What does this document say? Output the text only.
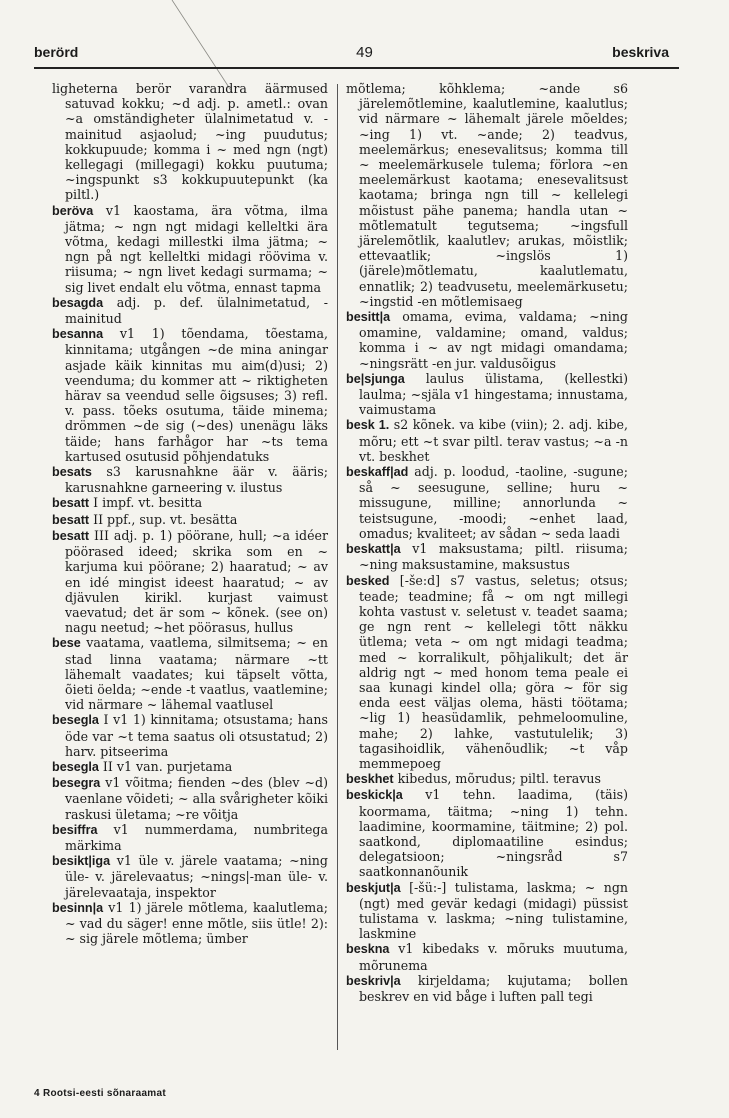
berörd	49	beskriva
ligheterna berör varandra äärmused satuvad kokku; ~d adj. p. ametl.: ovan ~a omständigheter ülalnimetatud v. -mainitud asjaolud; ~ing puudutus; kokkupuude; komma i ~ med ngn (ngt) kellegagi (millegagi) kokku puutuma; ~ingspunkt s3 kokkupuutepunkt (ka piltl.)
beröva v1 kaostama, ära võtma, ilma jätma; ~ ngn ngt midagi kelleltki ära võtma, kedagi millestki ilma jätma; ~ ngn på ngt kelleltki midagi röövima v. riisuma; ~ ngn livet kedagi surmama; ~ sig livet endalt elu võtma, ennast tapma
besagda adj. p. def. ülalnimetatud, -mainitud
besanna v1 1) tõendama, tõestama, kinnitama; utgången ~de mina aningar asjade käik kinnitas mu aim(d)usi; 2) veenduma; du kommer att ~ riktigheten härav sa veendud selle õigsuses; 3) refl. v. pass. tõeks osutuma, täide minema; drömmen ~de sig (~des) unenägu läks täide; hans farhågor har ~ts tema kartused osutusid põhjendatuks
besats s3 karusnahkne äär v. ääris; karusnahkne garneering v. ilustus
besatt I impf. vt. besitta
besatt II ppf., sup. vt. besätta
besatt III adj. p. 1) pöörane, hull; ~a idéer pöörased ideed; skrika som en ~ karjuma kui pöörane; 2) haaratud; ~ av en idé mingist ideest haaratud; ~ av djävulen kirikl. kurjast vaimust vaevatud; det är som ~ kõnek. (see on) nagu neetud; ~het pöörasus, hullus
bese vaatama, vaatlema, silmitsema; ~ en stad linna vaatama; närmare ~tt lähemalt vaadates; kui täpselt võtta, õieti öelda; ~ende -t vaatlus, vaatlemine; vid närmare ~ lähemal vaatlusel
besegla I v1 1) kinnitama; otsustama; hans öde var ~t tema saatus oli otsustatud; 2) harv. pitseerima
besegla II v1 van. purjetama
besegra v1 võitma; fienden ~des (blev ~d) vaenlane võideti; ~ alla svårigheter kõiki raskusi ületama; ~re võitja
besiffra v1 nummerdama, numbritega märkima
besikt|iga v1 üle v. järele vaatama; ~ning üle- v. järelevaatus; ~nings|-man üle- v. järelevaataja, inspektor
besinn|a v1 1) järele mõtlema, kaalutlema; ~ vad du säger! enne mõtle, siis ütle! 2): ~ sig järele mõtlema; ümber
mõtlema; kõhklema; ~ande s6 järelemõtlemine, kaalutlemine, kaalutlus; vid närmare ~ lähemalt järele mõeldes; ~ing 1) vt. ~ande; 2) teadvus, meelemärkus; enesevalitsus; komma till ~ meelemärkusele tulema; förlora ~en meelemärkust kaotama; enesevalitsust kaotama; bringa ngn till ~ kellelegi mõistust pähe panema; handla utan ~ mõtlematult tegutsema; ~ingsfull järelemõtlik, kaalutlev; arukas, mõistlik; ettevaatlik; ~ingslös 1) (järele)mõtlematu, kaalutlematu, ennatlik; 2) teadvusetu, meelemärkusetu; ~ingstid -en mõtlemisaeg
besitt|a omama, evima, valdama; ~ning omamine, valdamine; omand, valdus; komma i ~ av ngt midagi omandama; ~ningsrätt -en jur. valdusõigus
be|sjunga laulus ülistama, (kellestki) laulma; ~själa v1 hingestama; innustama, vaimustama
besk 1. s2 kõnek. va kibe (viin); 2. adj. kibe, mõru; ett ~t svar piltl. terav vastus; ~a -n vt. beskhet
beskaff|ad adj. p. loodud, -taoline, -sugune; så ~ seesugune, selline; huru ~ missugune, milline; annorlunda ~ teistsugune, -moodi; ~enhet laad, omadus; kvaliteet; av sådan ~ seda laadi
beskatt|a v1 maksustama; piltl. riisuma; ~ning maksustamine, maksustus
besked [-še:d] s7 vastus, seletus; otsus; teade; teadmine; få ~ om ngt millegi kohta vastust v. seletust v. teadet saama; ge ngn rent ~ kellelegi tõtt näkku ütlema; veta ~ om ngt midagi teadma; med ~ korralikult, põhjalikult; det är aldrig ngt ~ med honom tema peale ei saa kunagi kindel olla; göra ~ för sig enda eest väljas olema, hästi töötama; ~lig 1) heasüdamlik, pehmeloomuline, mahe; 2) lahke, vastutulelik; 3) tagasihoidlik, vähenõudlik; ~t våp memmepoeg
beskhet kibedus, mõrudus; piltl. teravus
beskick|a v1 tehn. laadima, (täis) koormama, täitma; ~ning 1) tehn. laadimine, koormamine, täitmine; 2) pol. saatkond, diplomaatiline esindus; delegatsioon; ~ningsråd s7 saatkonnanõunik
beskjut|a [-šü:-] tulistama, laskma; ~ ngn (ngt) med gevär kedagi (midagi) püssist tulistama v. laskma; ~ning tulistamine, laskmine
beskna v1 kibedaks v. mõruks muutuma, mõrunema
beskriv|a kirjeldama; kujutama; bollen beskrev en vid båge i luften pall tegi
4 Rootsi-eesti sõnaraamat
